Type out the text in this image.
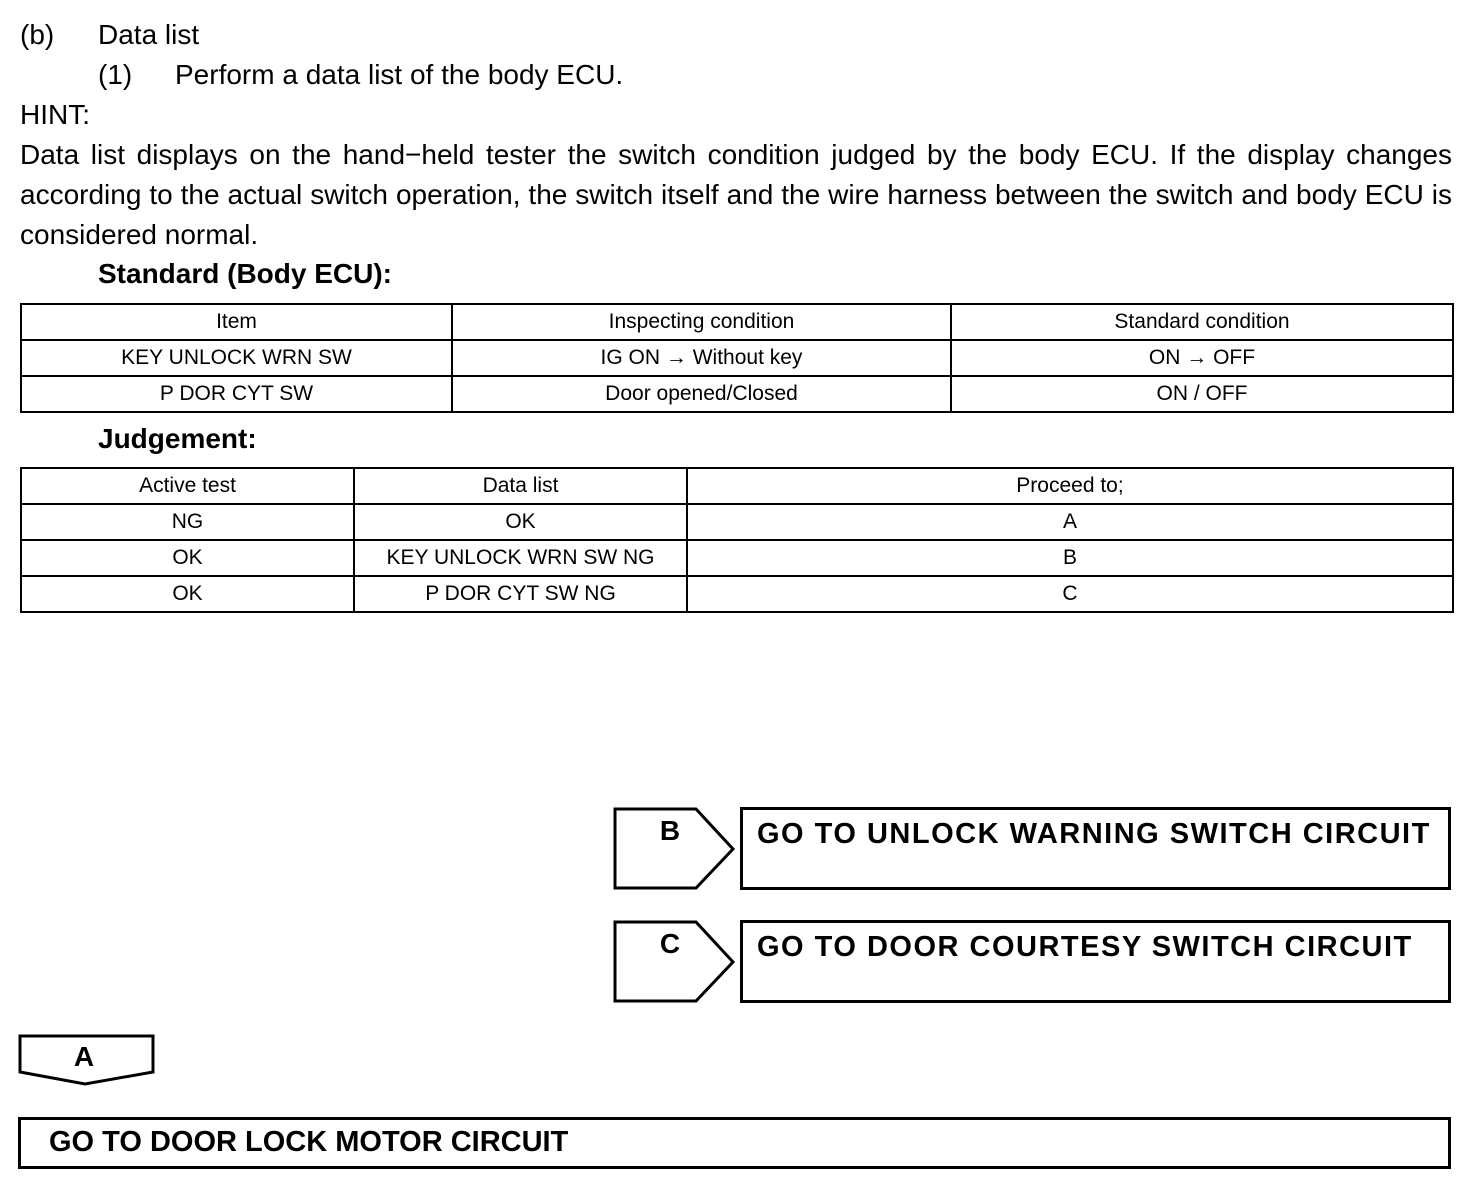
(b) Data list
(1) Perform a data list of the body ECU.
HINT:
Data list displays on the hand−held tester the switch condition judged by the body ECU. If the display changes according to the actual switch operation, the switch itself and the wire harness between the switch and body ECU is considered normal.
Standard (Body ECU):
Item	Inspecting condition	Standard condition
KEY UNLOCK WRN SW	IG ON → Without key	ON → OFF
P DOR CYT SW	Door opened/Closed	ON / OFF
Judgement:
Active test	Data list	Proceed to;
NG	OK	A
OK	KEY UNLOCK WRN SW NG	B
OK	P DOR CYT SW NG	C
B	GO TO UNLOCK WARNING SWITCH CIRCUIT
C	GO TO DOOR COURTESY SWITCH CIRCUIT
A
GO TO DOOR LOCK MOTOR CIRCUIT
